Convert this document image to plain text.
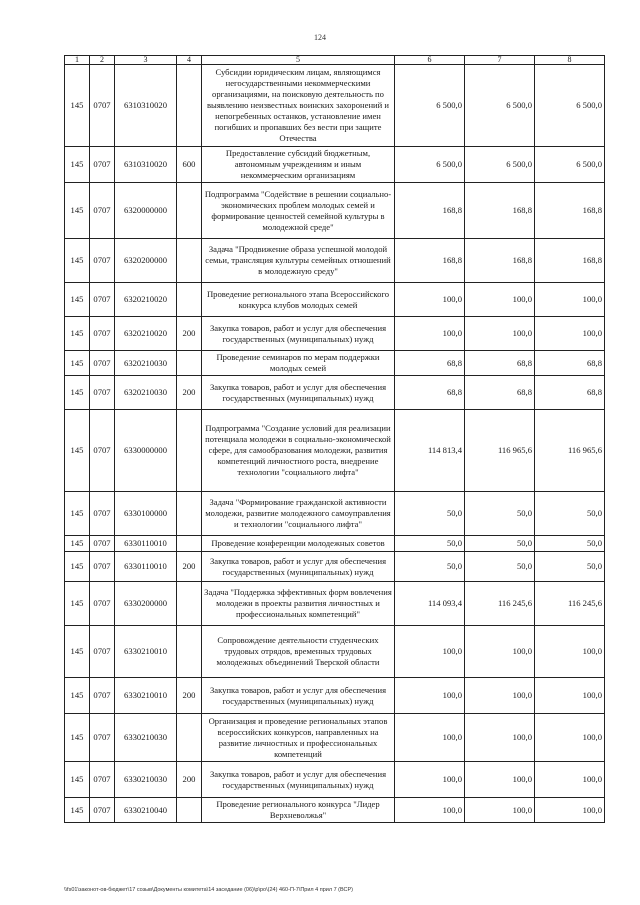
124
1	2	3	4	5	6	7	8
145	0707	6310310020		Субсидии юридическим лицам, являющимся негосударственными некоммерческими организациями, на поисковую деятельность по выявлению неизвестных воинских захоронений и непогребенных останков, установление имен погибших и пропавших без вести при защите Отечества	6 500,0	6 500,0	6 500,0
145	0707	6310310020	600	Предоставление субсидий бюджетным, автономным учреждениям и иным некоммерческим организациям	6 500,0	6 500,0	6 500,0
145	0707	6320000000		Подпрограмма "Содействие в решении социально-экономических проблем молодых семей и формирование ценностей семейной культуры в молодежной среде"	168,8	168,8	168,8
145	0707	6320200000		Задача "Продвижение образа успешной молодой семьи, трансляция культуры семейных отношений в молодежную среду"	168,8	168,8	168,8
145	0707	6320210020		Проведение регионального этапа Всероссийского конкурса клубов молодых семей	100,0	100,0	100,0
145	0707	6320210020	200	Закупка товаров, работ и услуг для обеспечения государственных (муниципальных) нужд	100,0	100,0	100,0
145	0707	6320210030		Проведение семинаров по мерам поддержки молодых семей	68,8	68,8	68,8
145	0707	6320210030	200	Закупка товаров, работ и услуг для обеспечения государственных (муниципальных) нужд	68,8	68,8	68,8
145	0707	6330000000		Подпрограмма "Создание условий для реализации потенциала молодежи в социально-экономической сфере, для самообразования молодежи, развития компетенций личностного роста, внедрение технологии "социального лифта"	114 813,4	116 965,6	116 965,6
145	0707	6330100000		Задача "Формирование гражданской активности молодежи, развитие молодежного самоуправления и технологии "социального лифта"	50,0	50,0	50,0
145	0707	6330110010		Проведение конференции молодежных советов	50,0	50,0	50,0
145	0707	6330110010	200	Закупка товаров, работ и услуг для обеспечения государственных (муниципальных) нужд	50,0	50,0	50,0
145	0707	6330200000		Задача "Поддержка эффективных форм вовлечения молодежи в проекты развития личностных и профессиональных компетенций"	114 093,4	116 245,6	116 245,6
145	0707	6330210010		Сопровождение деятельности студенческих трудовых отрядов, временных трудовых молодежных объединений Тверской области	100,0	100,0	100,0
145	0707	6330210010	200	Закупка товаров, работ и услуг для обеспечения государственных (муниципальных) нужд	100,0	100,0	100,0
145	0707	6330210030		Организация и проведение региональных этапов всероссийских конкурсов, направленных на развитие личностных и профессиональных компетенций	100,0	100,0	100,0
145	0707	6330210030	200	Закупка товаров, работ и услуг для обеспечения государственных (муниципальных) нужд	100,0	100,0	100,0
145	0707	6330210040		Проведение регионального конкурса "Лидер Верхневолжья"	100,0	100,0	100,0
\\fs01\законот-ов-бюджет\17 созыв\Документы комитета\14 заседание (06)\р\ро\(24) 460-П-7\Прил 4 прил 7 (ВСР)
